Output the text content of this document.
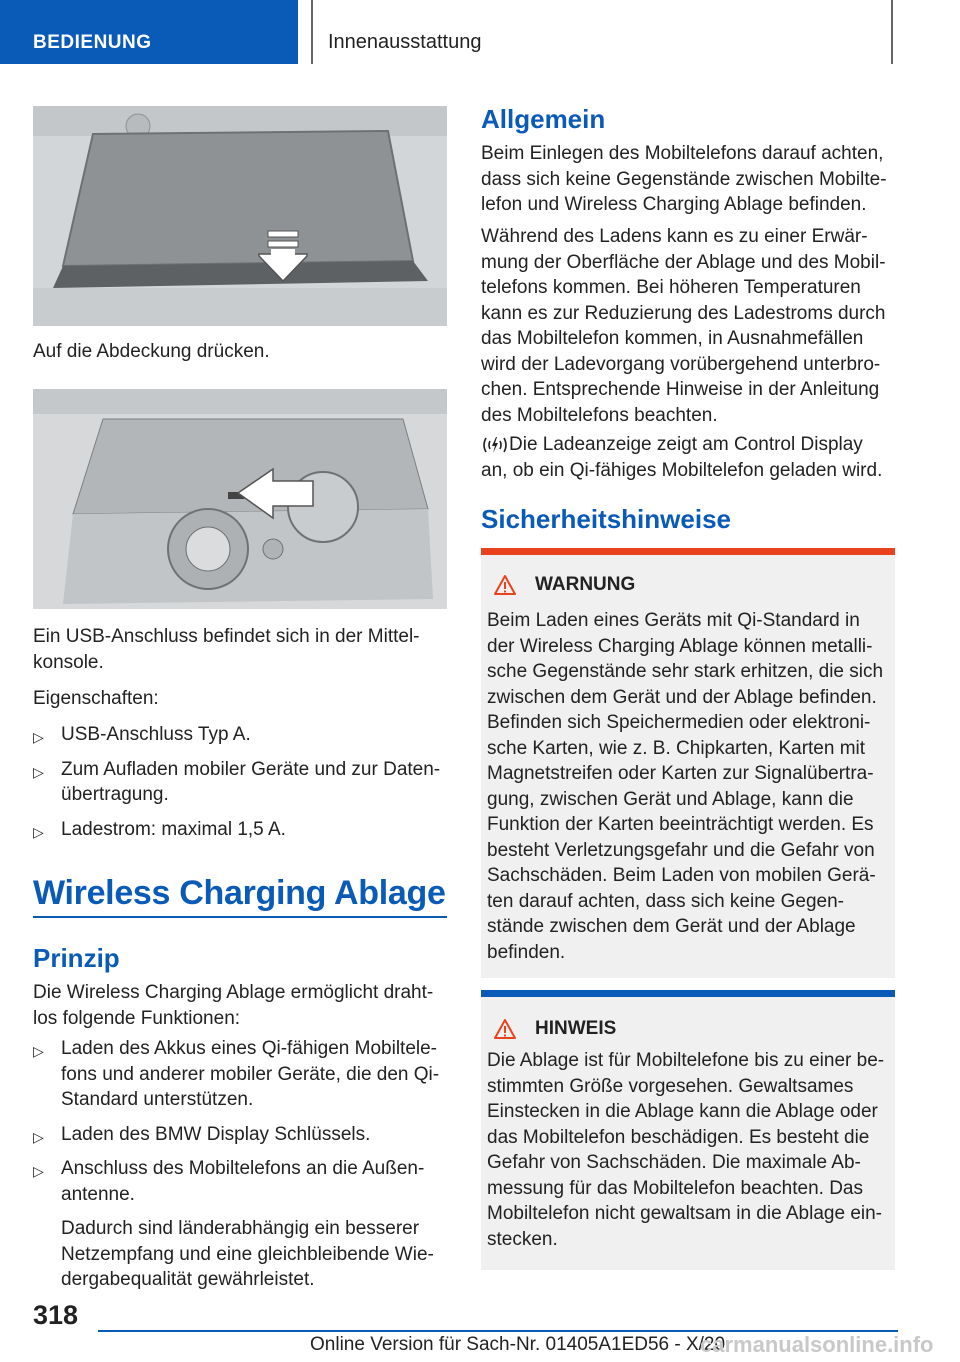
BEDIENUNG	Innenausstattung
Auf die Abdeckung drücken.
Ein USB-Anschluss befindet sich in der Mittel-
konsole.
Eigenschaften:
▷ USB-Anschluss Typ A.
▷ Zum Aufladen mobiler Geräte und zur Daten-
übertragung.
▷ Ladestrom: maximal 1,5 A.
Wireless Charging Ablage
Prinzip
Die Wireless Charging Ablage ermöglicht draht-
los folgende Funktionen:
▷ Laden des Akkus eines Qi-fähigen Mobiltele-
fons und anderer mobiler Geräte, die den Qi-
Standard unterstützen.
▷ Laden des BMW Display Schlüssels.
▷ Anschluss des Mobiltelefons an die Außen-
antenne.
Dadurch sind länderabhängig ein besserer
Netzempfang und eine gleichbleibende Wie-
dergabequalität gewährleistet.
Allgemein
Beim Einlegen des Mobiltelefons darauf achten,
dass sich keine Gegenstände zwischen Mobilte-
lefon und Wireless Charging Ablage befinden.
Während des Ladens kann es zu einer Erwär-
mung der Oberfläche der Ablage und des Mobil-
telefons kommen. Bei höheren Temperaturen
kann es zur Reduzierung des Ladestroms durch
das Mobiltelefon kommen, in Ausnahmefällen
wird der Ladevorgang vorübergehend unterbro-
chen. Entsprechende Hinweise in der Anleitung
des Mobiltelefons beachten.
Die Ladeanzeige zeigt am Control Display
an, ob ein Qi-fähiges Mobiltelefon geladen wird.
Sicherheitshinweise
WARNUNG
Beim Laden eines Geräts mit Qi-Standard in
der Wireless Charging Ablage können metalli-
sche Gegenstände sehr stark erhitzen, die sich
zwischen dem Gerät und der Ablage befinden.
Befinden sich Speichermedien oder elektroni-
sche Karten, wie z. B. Chipkarten, Karten mit
Magnetstreifen oder Karten zur Signalübertra-
gung, zwischen Gerät und Ablage, kann die
Funktion der Karten beeinträchtigt werden. Es
besteht Verletzungsgefahr und die Gefahr von
Sachschäden. Beim Laden von mobilen Gerä-
ten darauf achten, dass sich keine Gegen-
stände zwischen dem Gerät und der Ablage
befinden.
HINWEIS
Die Ablage ist für Mobiltelefone bis zu einer be-
stimmten Größe vorgesehen. Gewaltsames
Einstecken in die Ablage kann die Ablage oder
das Mobiltelefon beschädigen. Es besteht die
Gefahr von Sachschäden. Die maximale Ab-
messung für das Mobiltelefon beachten. Das
Mobiltelefon nicht gewaltsam in die Ablage ein-
stecken.
318
Online Version für Sach-Nr. 01405A1ED56 - X/20
carmanualsonline.info
